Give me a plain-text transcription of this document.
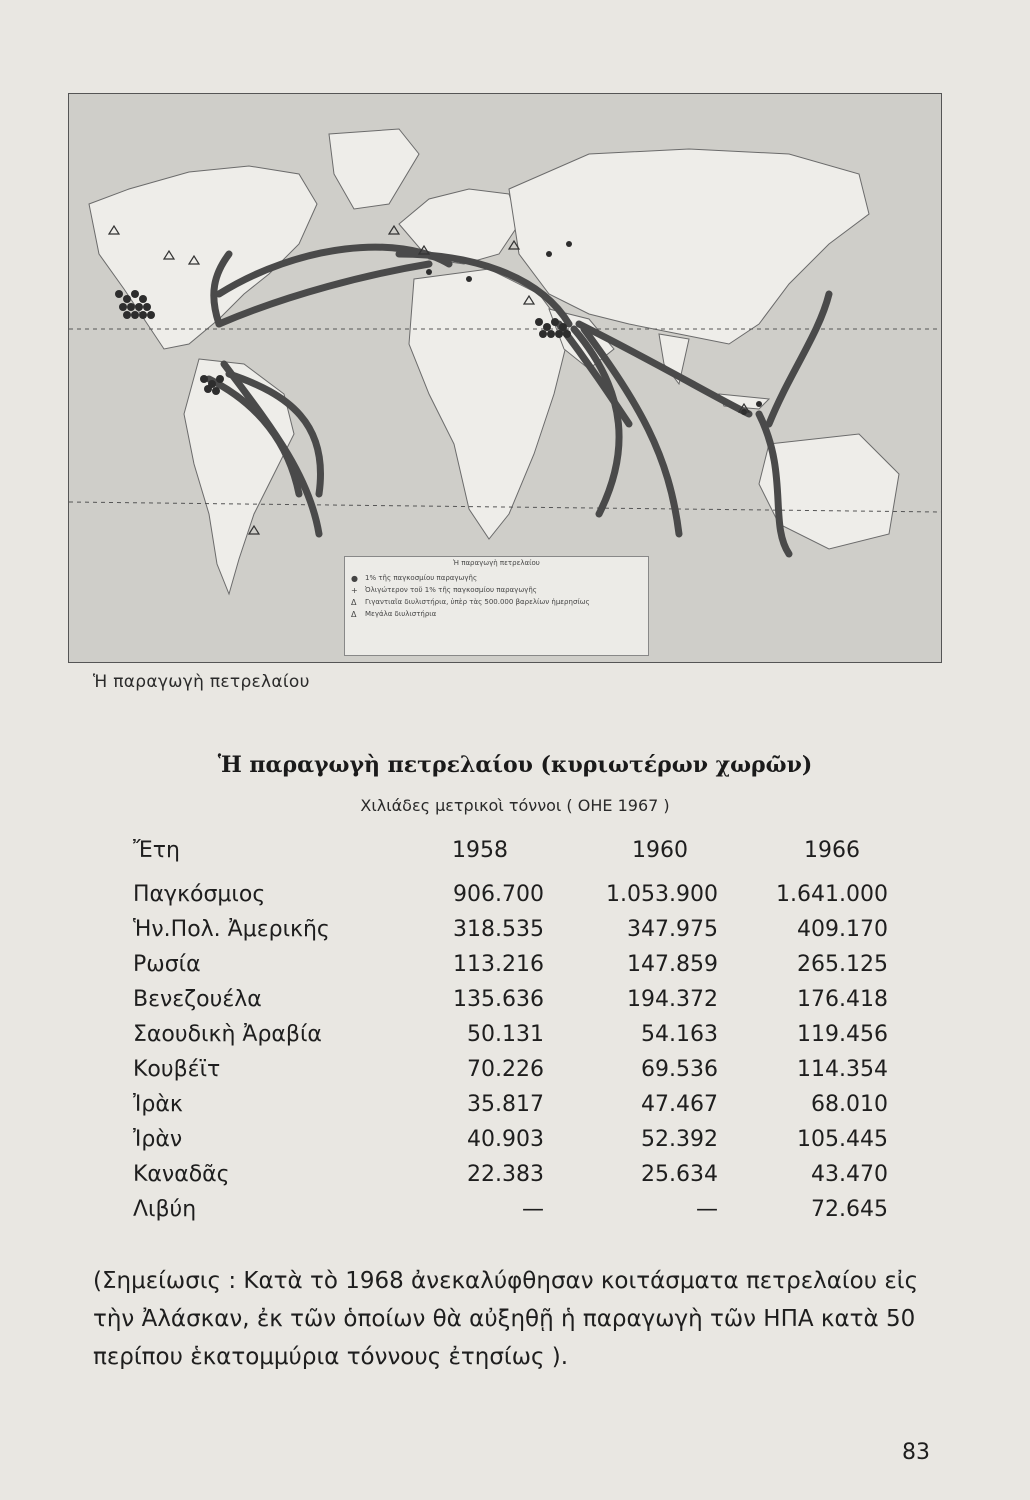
Ἡ παραγωγὴ πετρελαίου
●	1% τῆς παγκοσμίου παραγωγῆς
+	Ὀλιγώτερον τοῦ 1% τῆς παγκοσμίου παραγωγῆς
Δ	Γιγαντιαῖα διυλιστήρια, ὑπὲρ τὰς 500.000 βαρελίων ἡμερησίως
Δ	Μεγάλα διυλιστήρια
Ἡ παραγωγὴ πετρελαίου
Ἡ παραγωγὴ πετρελαίου (κυριωτέρων χωρῶν)
Χιλιάδες μετρικοὶ τόννοι ( ΟΗΕ 1967 )
Ἔτη	1958	1960	1966
Παγκόσμιος	906.700	1.053.900	1.641.000
Ἡν.Πολ. Ἀμερικῆς	318.535	347.975	409.170
Ρωσία	113.216	147.859	265.125
Βενεζουέλα	135.636	194.372	176.418
Σαουδικὴ Ἀραβία	50.131	54.163	119.456
Κουβέϊτ	70.226	69.536	114.354
Ἰρὰκ	35.817	47.467	68.010
Ἰρὰν	40.903	52.392	105.445
Καναδᾶς	22.383	25.634	43.470
Λιβύη	—	—	72.645
(Σημείωσις : Κατὰ τὸ 1968 ἀνεκαλύφθησαν κοιτάσματα πετρελαίου εἰς τὴν Ἀλάσκαν, ἐκ τῶν ὁποίων θὰ αὐξηθῇ ἡ παραγωγὴ τῶν ΗΠΑ κατὰ 50 περίπου ἑκατομμύρια τόννους ἐτησίως ).
83
